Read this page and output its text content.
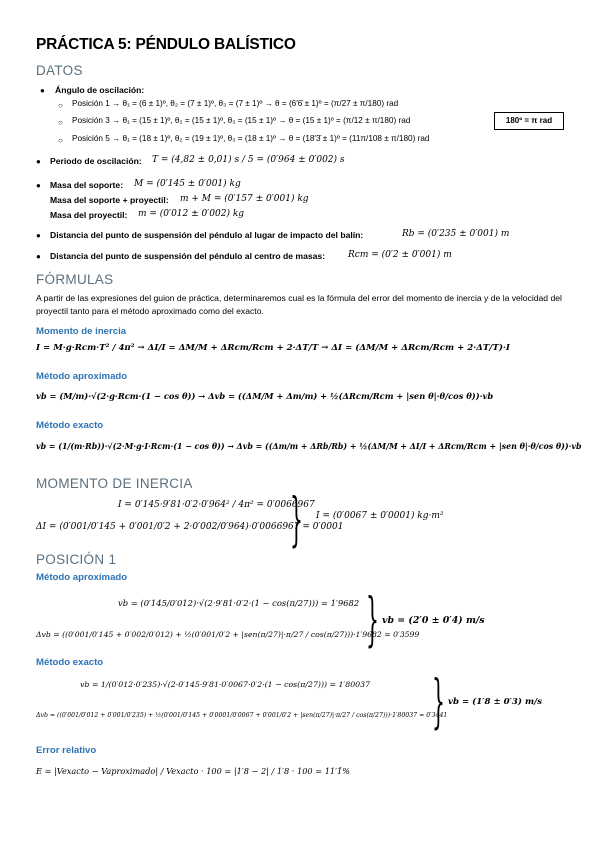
PRÁCTICA 5: PÉNDULO BALÍSTICO
DATOS
● Ángulo de oscilación:
○ Posición 1 → θ₁ = (6 ± 1)º, θ₂ = (7 ± 1)º, θ₃ = (7 ± 1)º → θ = (6′6̄ ± 1)º = (π/27 ± π/180) rad
○ Posición 3 → θ₁ = (15 ± 1)º, θ₂ = (15 ± 1)º, θ₃ = (15 ± 1)º → θ = (15 ± 1)º = (π/12 ± π/180) rad
○ Posición 5 → θ₁ = (18 ± 1)º, θ₂ = (19 ± 1)º, θ₃ = (18 ± 1)º → θ = (18′3̄ ± 1)º = (11π/108 ± π/180) rad
180º = π rad
● Periodo de oscilación: T = (4,82 ± 0,01) s / 5 = (0′964 ± 0′002) s
● Masa del soporte: M = (0′145 ± 0′001) kg
Masa del soporte + proyectil: m + M = (0′157 ± 0′001) kg
Masa del proyectil: m = (0′012 ± 0′002) kg
● Distancia del punto de suspensión del péndulo al lugar de impacto del balín:	Rb = (0′235 ± 0′001) m
● Distancia del punto de suspensión del péndulo al centro de masas:	Rcm = (0′2 ± 0′001) m
FÓRMULAS
A partir de las expresiones del guion de práctica, determinaremos cual es la fórmula del error del momento de inercia y de la velocidad del proyectil tanto para el método aproximado como del exacto.
Momento de inercia
I = M·g·Rcm·T² / 4π² → ΔI/I = ΔM/M + ΔRcm/Rcm + 2·ΔT/T → ΔI = (ΔM/M + ΔRcm/Rcm + 2·ΔT/T)·I
Método aproximado
vb = (M/m)·√(2·g·Rcm·(1 − cos θ)) → Δvb = ((ΔM/M + Δm/m) + ½(ΔRcm/Rcm + |sen θ|·θ/cos θ))·vb
Método exacto
vb = (1/(m·Rb))·√(2·M·g·I·Rcm·(1 − cos θ)) → Δvb = ((Δm/m + ΔRb/Rb) + ½(ΔM/M + ΔI/I + ΔRcm/Rcm + |sen θ|·θ/cos θ))·vb
MOMENTO DE INERCIA
I = 0′145·9′81·0′2·0′964² / 4π² = 0′0066967
ΔI = (0′001/0′145 + 0′001/0′2 + 2·0′002/0′964)·0′0066967 = 0′0001
} I = (0′0067 ± 0′0001) kg·m²
POSICIÓN 1
Método aproximado
vb = (0′145/0′012)·√(2·9′81·0′2·(1 − cos(π/27))) = 1′9682
Δvb = ((0′001/0′145 + 0′002/0′012) + ½(0′001/0′2 + |sen(π/27)|·π/27 / cos(π/27)))·1′9682 = 0′3599
} vb = (2′0 ± 0′4) m/s
Método exacto
vb = 1/(0′012·0′235)·√(2·0′145·9′81·0′0067·0′2·(1 − cos(π/27))) = 1′80037
Δvb = ((0′001/0′012 + 0′001/0′235) + ½(0′001/0′145 + 0′0001/0′0067 + 0′001/0′2 + |sen(π/27)|·π/27 / cos(π/27)))·1′80037 = 0′3441
} vb = (1′8 ± 0′3) m/s
Error relativo
E = |Vexacto − Vaproximado| / Vexacto · 100 = |1′8 − 2| / 1′8 · 100 = 11′1̄%
